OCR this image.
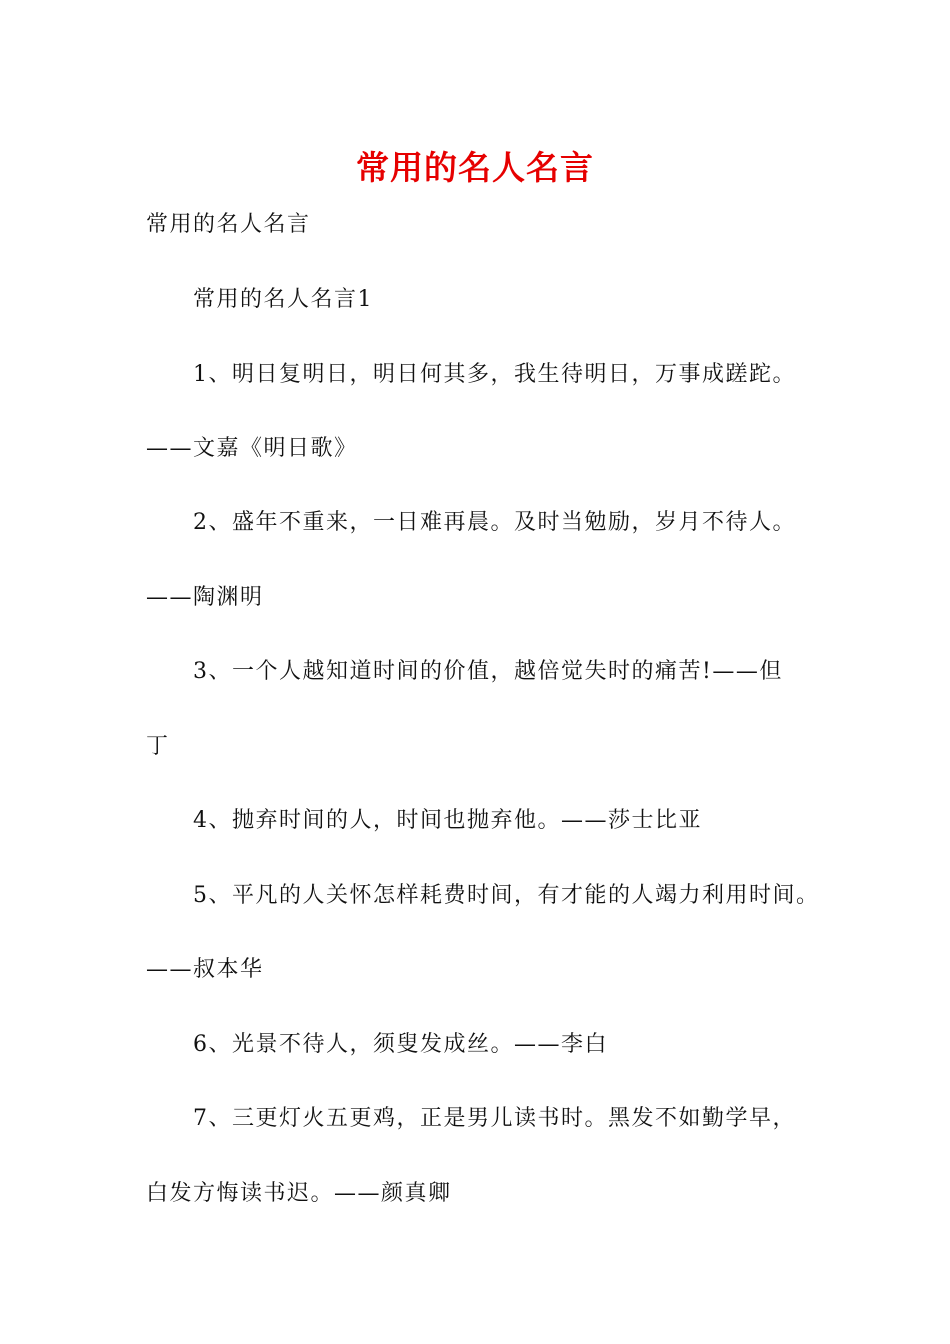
常用的名人名言
常用的名人名言
常用的名人名言1
1、明日复明日，明日何其多，我生待明日，万事成蹉跎。
——文嘉《明日歌》
2、盛年不重来，一日难再晨。及时当勉励，岁月不待人。
——陶渊明
3、一个人越知道时间的价值，越倍觉失时的痛苦!——但
丁
4、抛弃时间的人，时间也抛弃他。——莎士比亚
5、平凡的人关怀怎样耗费时间，有才能的人竭力利用时间。
——叔本华
6、光景不待人，须叟发成丝。——李白
7、三更灯火五更鸡，正是男儿读书时。黑发不如勤学早，
白发方悔读书迟。——颜真卿
